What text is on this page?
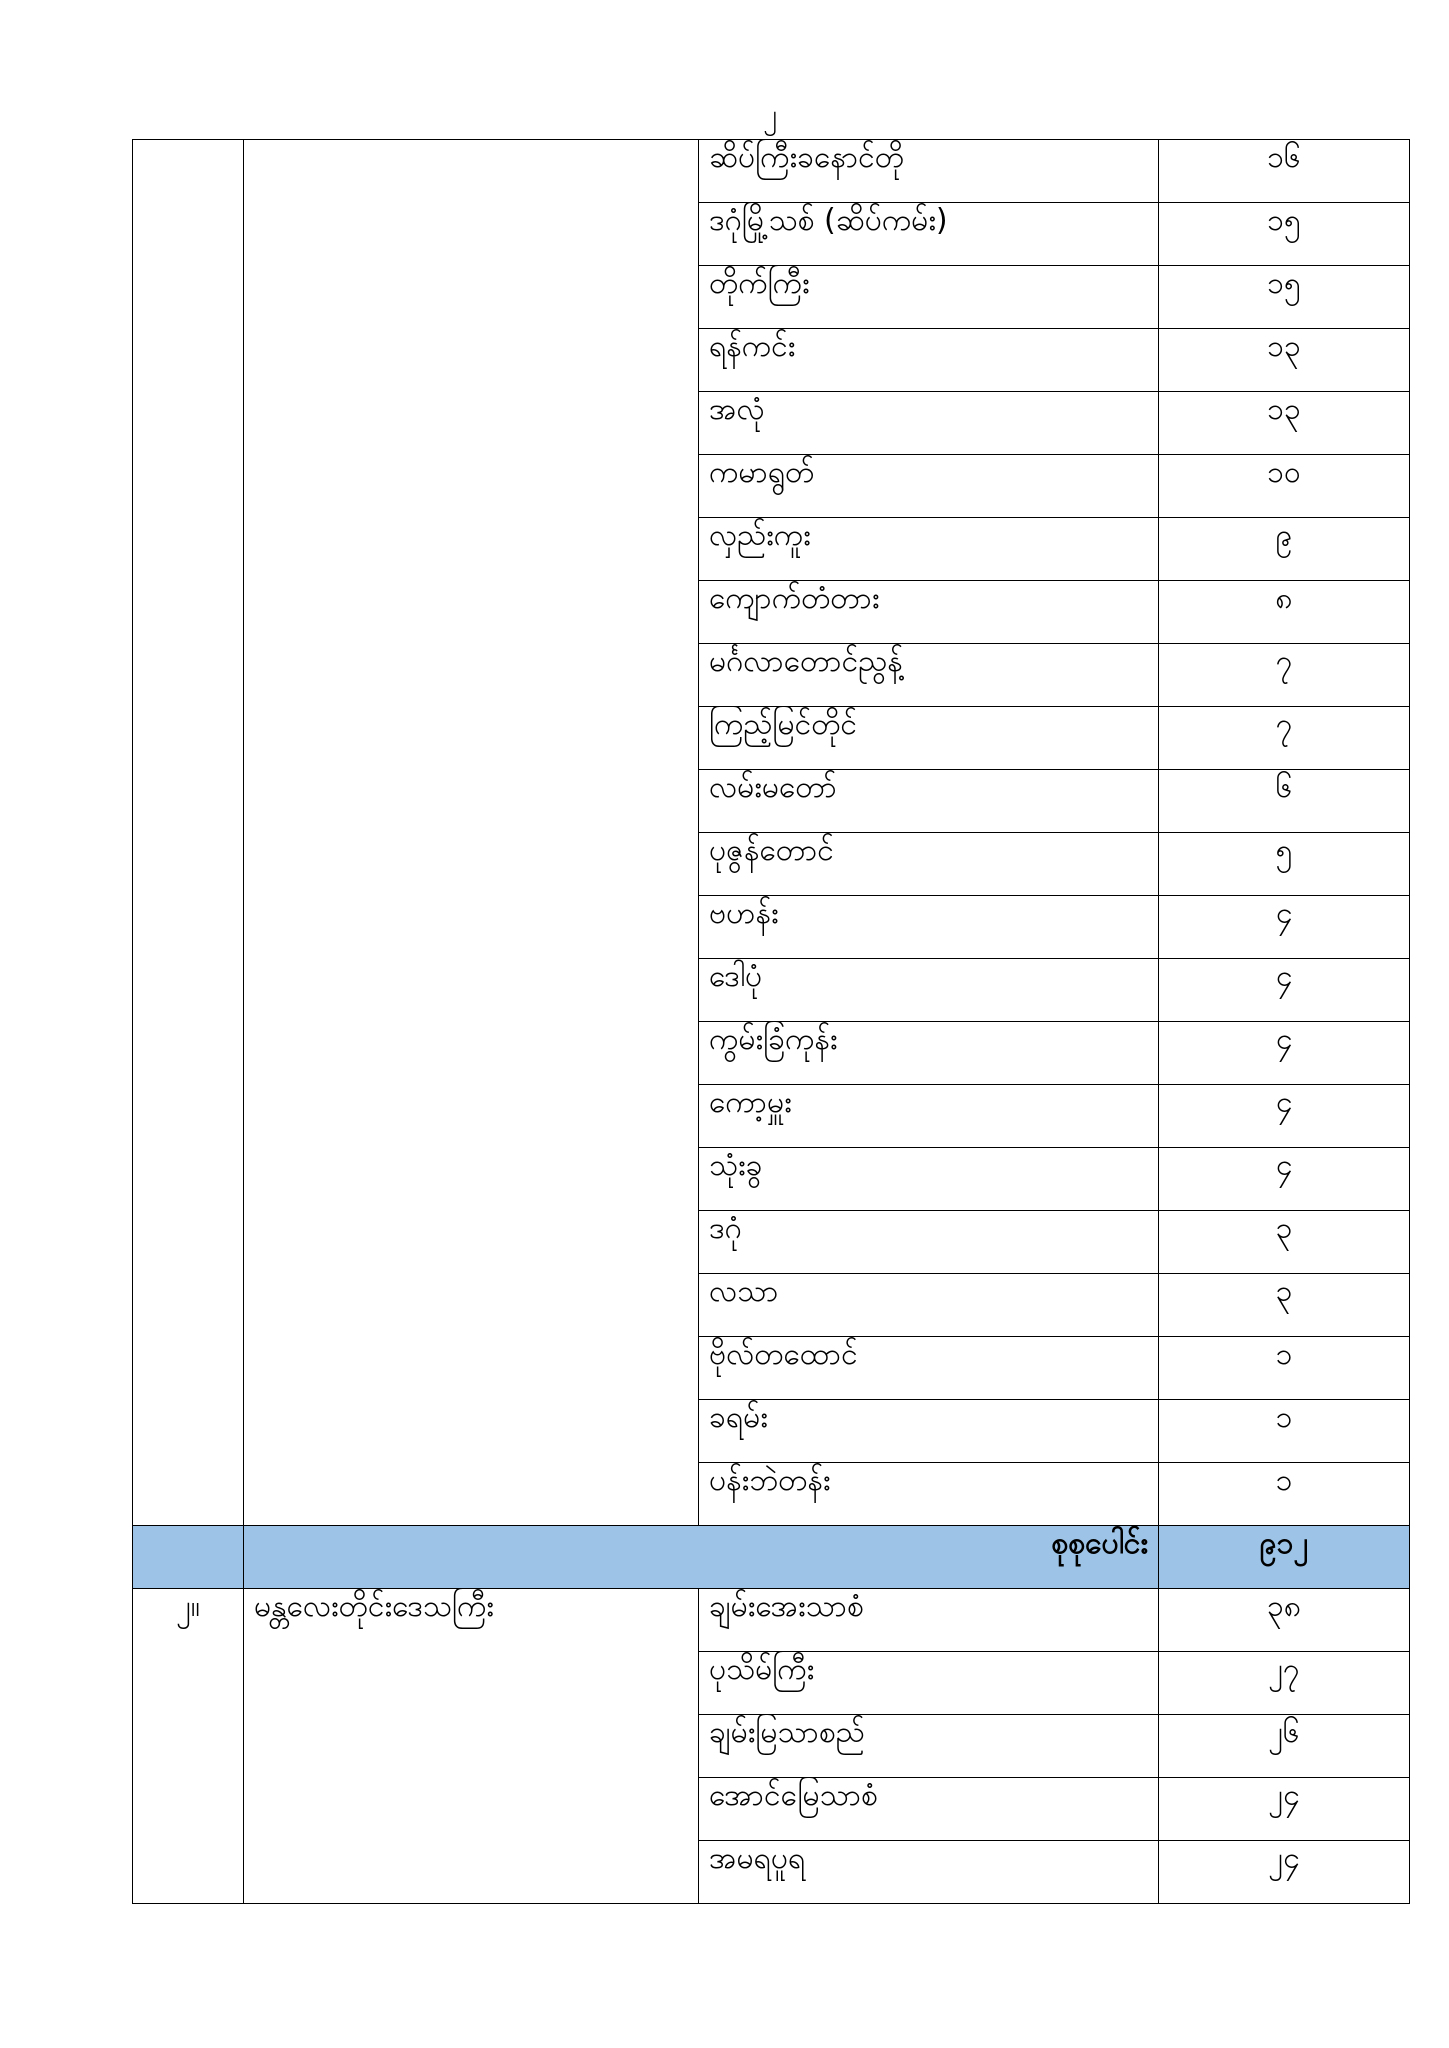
၂
		ဆိပ်ကြီးခနောင်တို	၁၆
		ဒဂုံမြို့သစ် (ဆိပ်ကမ်း)	၁၅
		တိုက်ကြီး	၁၅
		ရန်ကင်း	၁၃
		အလုံ	၁၃
		ကမာရွတ်	၁၀
		လှည်းကူး	၉
		ကျောက်တံတား	၈
		မင်္ဂလာတောင်ညွန့်	၇
		ကြည့်မြင်တိုင်	၇
		လမ်းမတော်	၆
		ပုဇွန်တောင်	၅
		ဗဟန်း	၄
		ဒေါပုံ	၄
		ကွမ်းခြံကုန်း	၄
		ကော့မှူး	၄
		သုံးခွ	၄
		ဒဂုံ	၃
		လသာ	၃
		ဗိုလ်တထောင်	၁
		ခရမ်း	၁
		ပန်းဘဲတန်း	၁
	စုစုပေါင်း		၉၁၂
၂။	မန္တလေးတိုင်းဒေသကြီး	ချမ်းအေးသာစံ	၃၈
		ပုသိမ်ကြီး	၂၇
		ချမ်းမြသာစည်	၂၆
		အောင်မြေသာစံ	၂၄
		အမရပူရ	၂၄
